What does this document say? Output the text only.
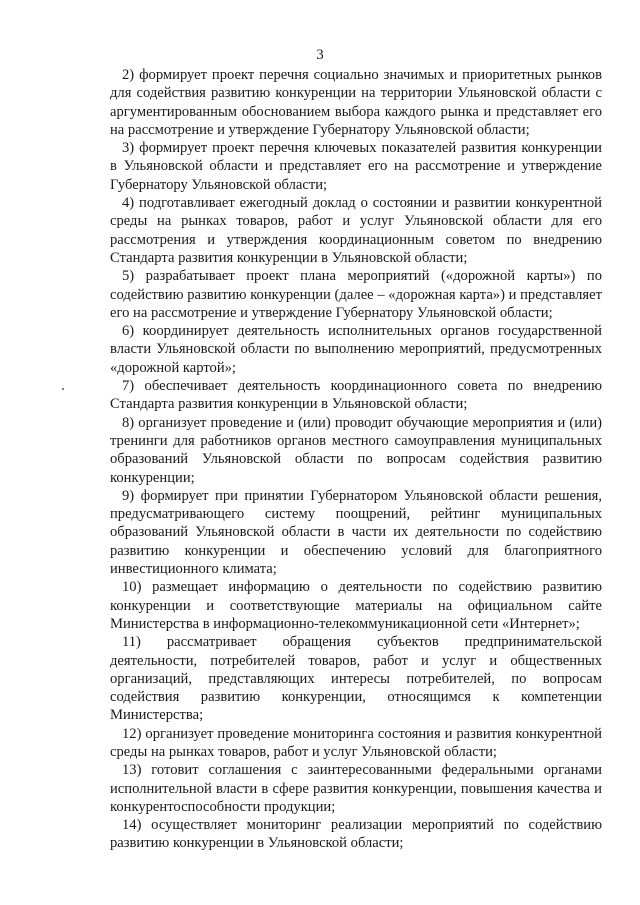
3

2) формирует проект перечня социально значимых и приоритетных рынков для содействия развитию конкуренции на территории Ульяновской области с аргументированным обоснованием выбора каждого рынка и представляет его на рассмотрение и утверждение Губернатору Ульяновской области;

3) формирует проект перечня ключевых показателей развития конкуренции в Ульяновской области и представляет его на рассмотрение и утверждение Губернатору Ульяновской области;

4) подготавливает ежегодный доклад о состоянии и развитии конкурентной среды на рынках товаров, работ и услуг Ульяновской области для его рассмотрения и утверждения координационным советом по внедрению Стандарта развития конкуренции в Ульяновской области;

5) разрабатывает проект плана мероприятий («дорожной карты») по содействию развитию конкуренции (далее – «дорожная карта») и представляет его на рассмотрение и утверждение Губернатору Ульяновской области;

6) координирует деятельность исполнительных органов государственной власти Ульяновской области по выполнению мероприятий, предусмотренных «дорожной картой»;

7) обеспечивает деятельность координационного совета по внедрению Стандарта развития конкуренции в Ульяновской области;

8) организует проведение и (или) проводит обучающие мероприятия и (или) тренинги для работников органов местного самоуправления муниципальных образований Ульяновской области по вопросам содействия развитию конкуренции;

9) формирует при принятии Губернатором Ульяновской области решения, предусматривающего систему поощрений, рейтинг муниципальных образований Ульяновской области в части их деятельности по содействию развитию конкуренции и обеспечению условий для благоприятного инвестиционного климата;

10) размещает информацию о деятельности по содействию развитию конкуренции и соответствующие материалы на официальном сайте Министерства в информационно-телекоммуникационной сети «Интернет»;

11) рассматривает обращения субъектов предпринимательской деятельности, потребителей товаров, работ и услуг и общественных организаций, представляющих интересы потребителей, по вопросам содействия развитию конкуренции, относящимся к компетенции Министерства;

12) организует проведение мониторинга состояния и развития конкурентной среды на рынках товаров, работ и услуг Ульяновской области;

13) готовит соглашения с заинтересованными федеральными органами исполнительной власти в сфере развития конкуренции, повышения качества и конкурентоспособности продукции;

14) осуществляет мониторинг реализации мероприятий по содействию развитию конкуренции в Ульяновской области;
